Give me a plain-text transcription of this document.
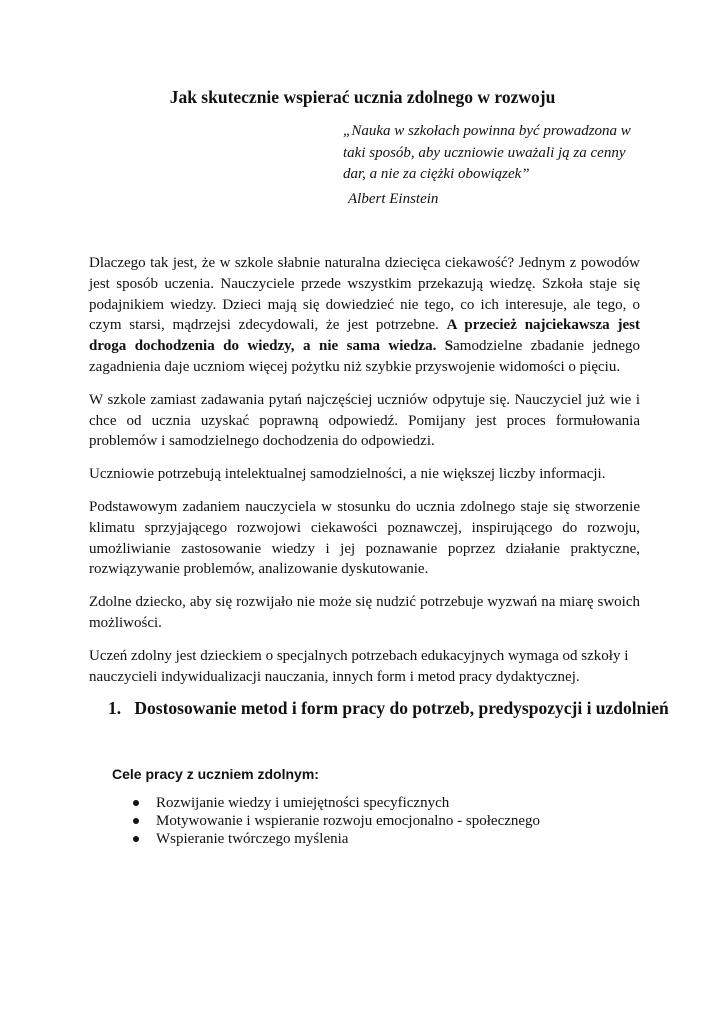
Jak skutecznie wspierać ucznia zdolnego w rozwoju
„Nauka w szkołach powinna być prowadzona w taki sposób, aby uczniowie uważali ją za cenny dar, a nie za ciężki obowiązek”
Albert Einstein

Dlaczego tak jest, że w szkole słabnie naturalna dziecięca ciekawość? Jednym z powodów jest sposób uczenia. Nauczyciele przede wszystkim przekazują wiedzę. Szkoła staje się podajnikiem wiedzy. Dzieci mają się dowiedzieć nie tego, co ich interesuje, ale tego, o czym starsi, mądrzejsi zdecydowali, że jest potrzebne. A przecież najciekawsza jest droga dochodzenia do wiedzy, a nie sama wiedza. Samodzielne zbadanie jednego zagadnienia daje uczniom więcej pożytku niż szybkie przyswojenie widomości o pięciu.

W szkole zamiast zadawania pytań najczęściej uczniów odpytuje się. Nauczyciel już wie i chce od ucznia uzyskać poprawną odpowiedź. Pomijany jest proces formułowania problemów i samodzielnego dochodzenia do odpowiedzi.

Uczniowie potrzebują intelektualnej samodzielności, a nie większej liczby informacji.

Podstawowym zadaniem nauczyciela w stosunku do ucznia zdolnego staje się stworzenie klimatu sprzyjającego rozwojowi ciekawości poznawczej, inspirującego do rozwoju, umożliwianie zastosowanie wiedzy i jej poznawanie poprzez działanie praktyczne, rozwiązywanie problemów, analizowanie dyskutowanie.

Zdolne dziecko, aby się rozwijało nie może się nudzić potrzebuje wyzwań na miarę swoich możliwości.

Uczeń zdolny jest dzieckiem o specjalnych potrzebach edukacyjnych wymaga od szkoły i nauczycieli indywidualizacji nauczania, innych form i metod pracy dydaktycznej.

1. Dostosowanie metod i form pracy do potrzeb, predyspozycji i uzdolnień
Cele pracy z uczniem zdolnym:
Rozwijanie wiedzy i umiejętności specyficznych
Motywowanie i wspieranie rozwoju emocjonalno - społecznego
Wspieranie twórczego myślenia
